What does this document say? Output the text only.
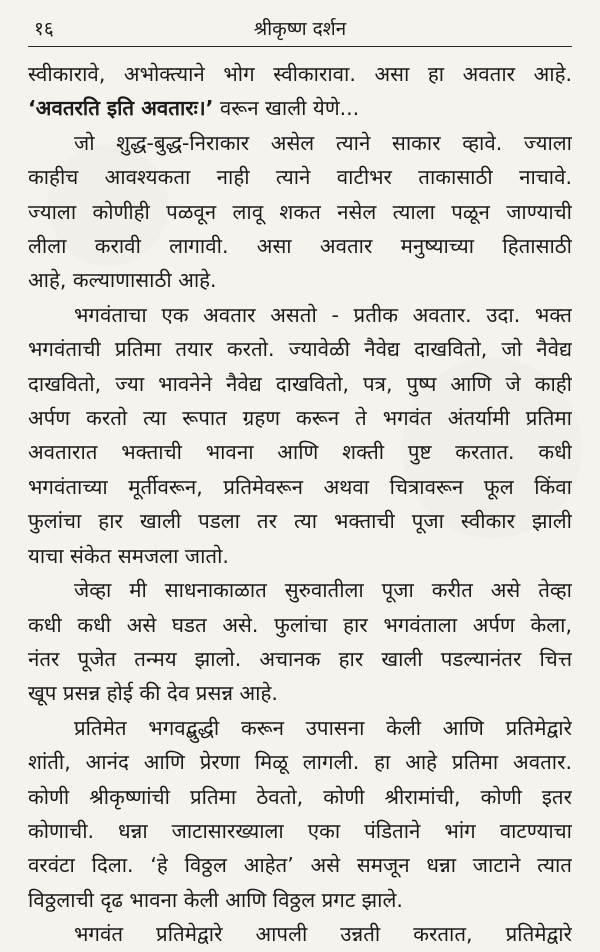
१६	श्रीकृष्ण दर्शन
स्वीकारावे, अभोक्त्याने भोग स्वीकारावा. असा हा अवतार आहे.
‘अवतरति इति अवतारः।’ वरून खाली येणे...
जो शुद्ध-बुद्ध-निराकार असेल त्याने साकार व्हावे. ज्याला
काहीच आवश्यकता नाही त्याने वाटीभर ताकासाठी नाचावे.
ज्याला कोणीही पळवून लावू शकत नसेल त्याला पळून जाण्याची
लीला करावी लागावी. असा अवतार मनुष्याच्या हितासाठी
आहे, कल्याणासाठी आहे.
भगवंताचा एक अवतार असतो - प्रतीक अवतार. उदा. भक्त
भगवंताची प्रतिमा तयार करतो. ज्यावेळी नैवेद्य दाखवितो, जो नैवेद्य
दाखवितो, ज्या भावनेने नैवेद्य दाखवितो, पत्र, पुष्प आणि जे काही
अर्पण करतो त्या रूपात ग्रहण करून ते भगवंत अंतर्यामी प्रतिमा
अवतारात भक्ताची भावना आणि शक्ती पुष्ट करतात. कधी
भगवंताच्या मूर्तीवरून, प्रतिमेवरून अथवा चित्रावरून फूल किंवा
फुलांचा हार खाली पडला तर त्या भक्ताची पूजा स्वीकार झाली
याचा संकेत समजला जातो.
जेव्हा मी साधनाकाळात सुरुवातीला पूजा करीत असे तेव्हा
कधी कधी असे घडत असे. फुलांचा हार भगवंताला अर्पण केला,
नंतर पूजेत तन्मय झालो. अचानक हार खाली पडल्यानंतर चित्त
खूप प्रसन्न होई की देव प्रसन्न आहे.
प्रतिमेत भगवद्बुद्धी करून उपासना केली आणि प्रतिमेद्वारे
शांती, आनंद आणि प्रेरणा मिळू लागली. हा आहे प्रतिमा अवतार.
कोणी श्रीकृष्णांची प्रतिमा ठेवतो, कोणी श्रीरामांची, कोणी इतर
कोणाची. धन्ना जाटासारख्याला एका पंडिताने भांग वाटण्याचा
वरवंटा दिला. ‘हे विठ्ठल आहेत’ असे समजून धन्ना जाटाने त्यात
विठ्ठलाची दृढ भावना केली आणि विठ्ठल प्रगट झाले.
भगवंत प्रतिमेद्वारे आपली उन्नती करतात, प्रतिमेद्वारे
